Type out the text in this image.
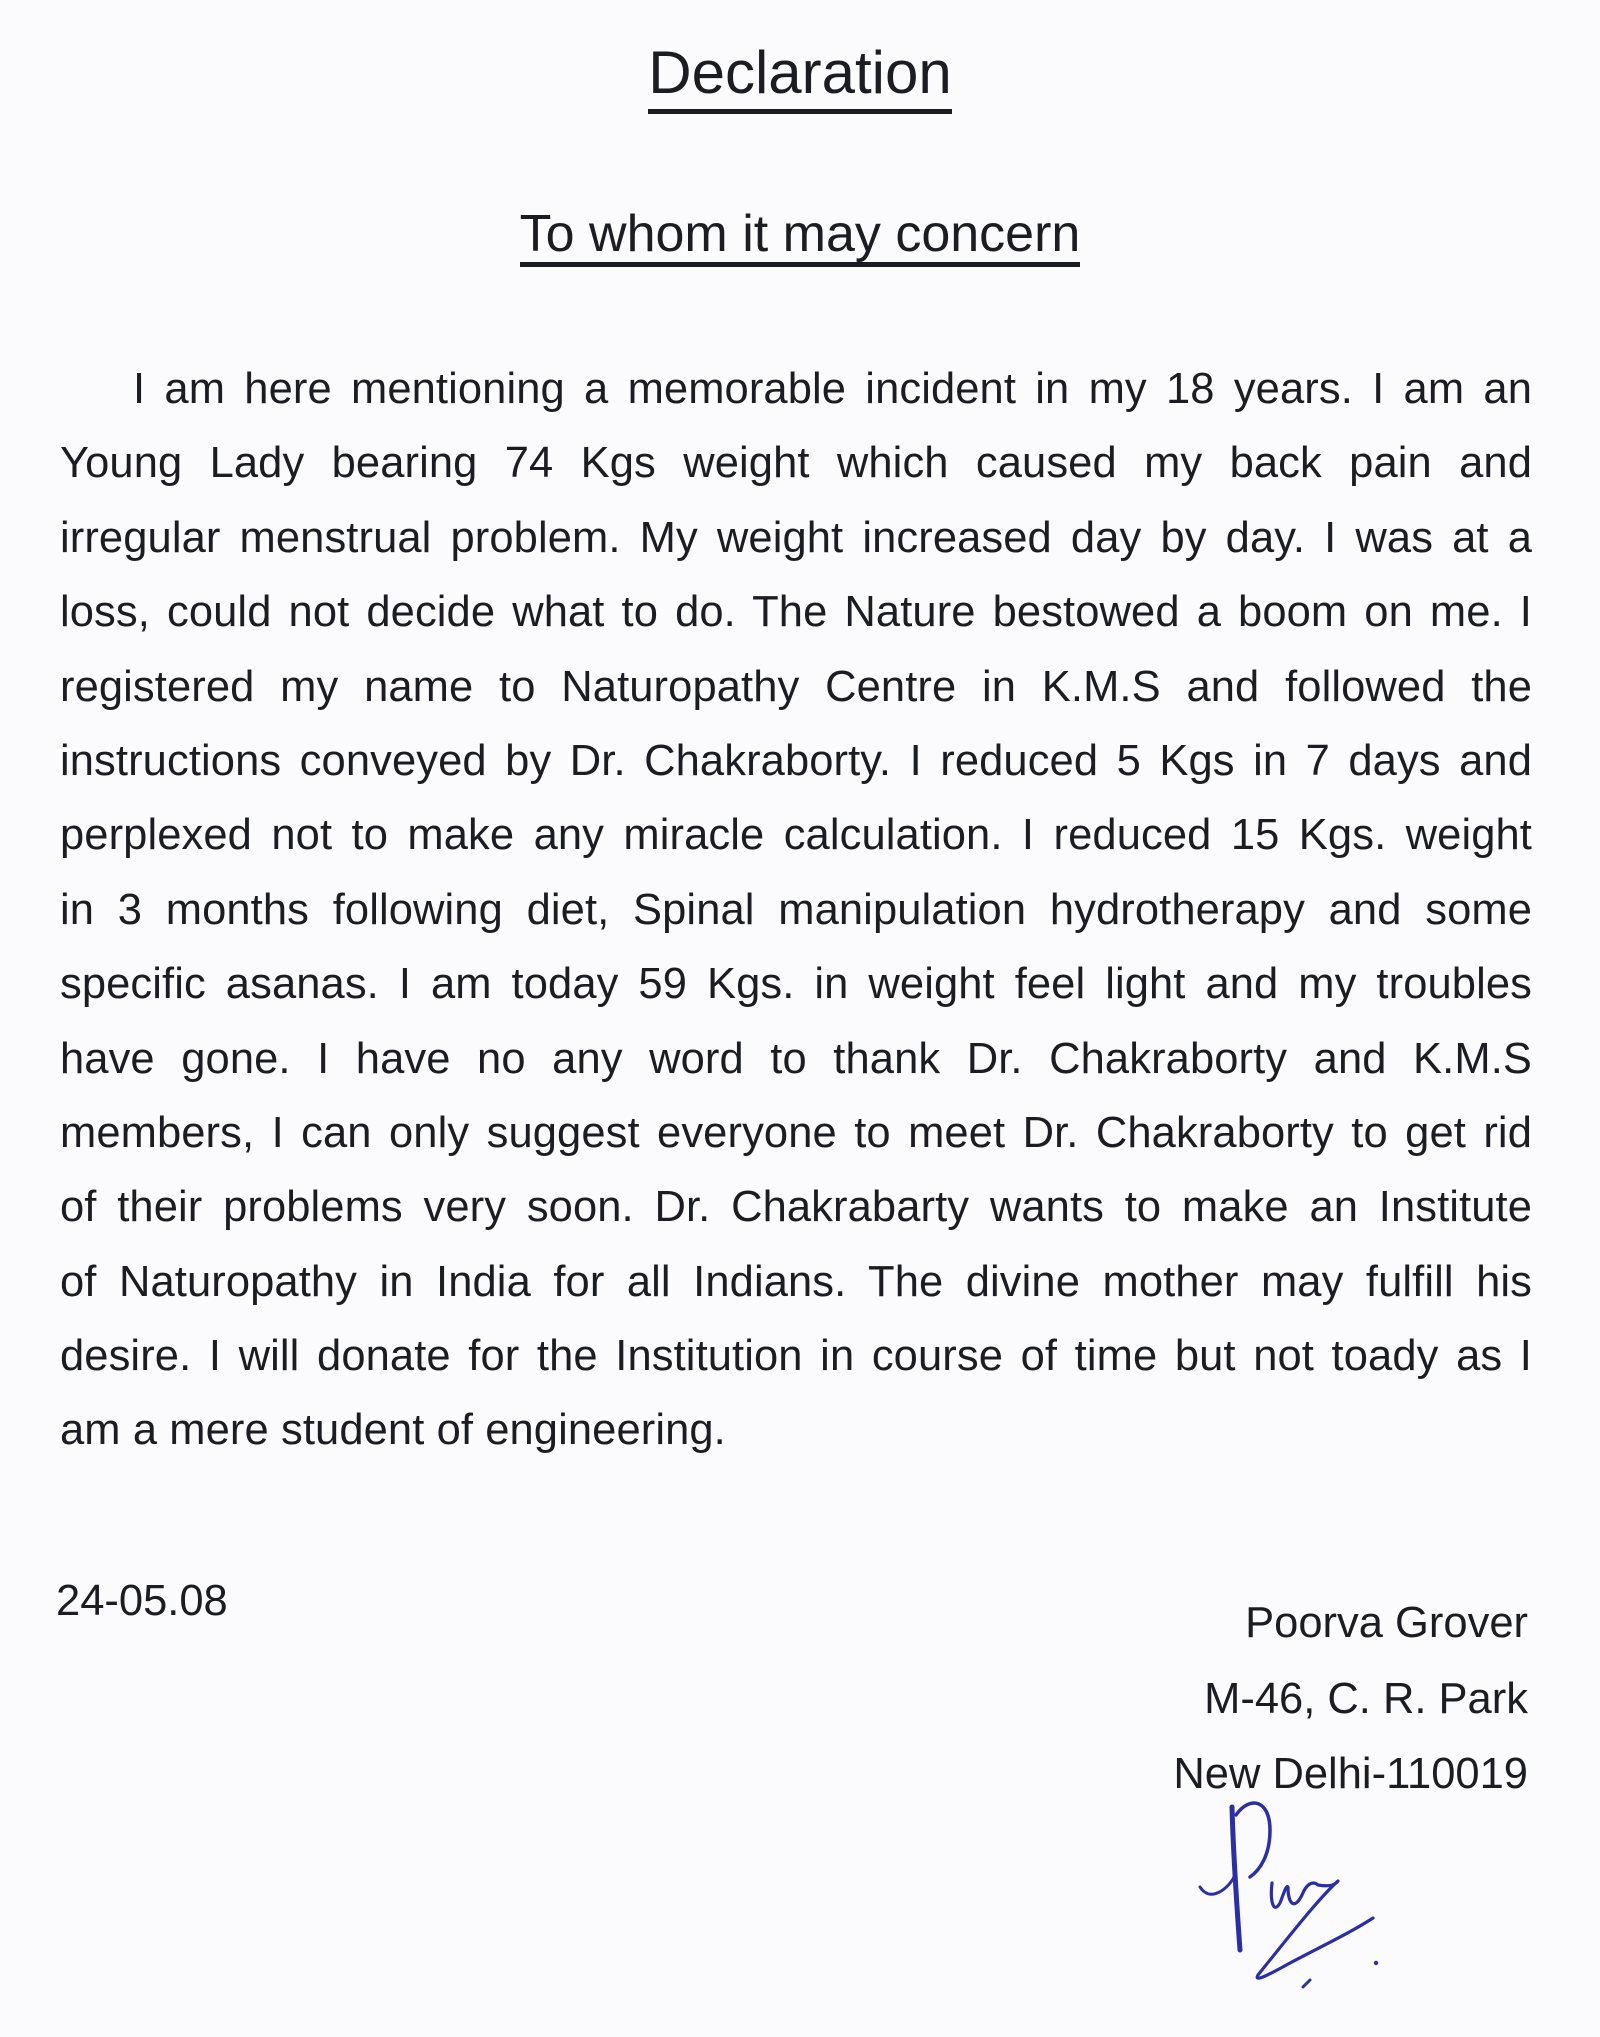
Declaration
To whom it may concern
I am here mentioning a memorable incident in my 18 years. I am an
Young Lady bearing 74 Kgs weight which caused my back pain and
irregular menstrual problem. My weight increased day by day. I was at a
loss, could not decide what to do. The Nature bestowed a boom on me. I
registered my name to Naturopathy Centre in K.M.S and followed the
instructions conveyed by Dr. Chakraborty. I reduced 5 Kgs in 7 days and
perplexed not to make any miracle calculation. I reduced 15 Kgs. weight
in 3 months following diet, Spinal manipulation hydrotherapy and some
specific asanas. I am today 59 Kgs. in weight feel light and my troubles
have gone. I have no any word to thank Dr. Chakraborty and K.M.S
members, I can only suggest everyone to meet Dr. Chakraborty to get rid
of their problems very soon. Dr. Chakrabarty wants to make an Institute
of Naturopathy in India for all Indians. The divine mother may fulfill his
desire. I will donate for the Institution in course of time but not toady as I
am a mere student of engineering.
24-05.08	Poorva Grover
M-46, C. R. Park
New Delhi-110019
